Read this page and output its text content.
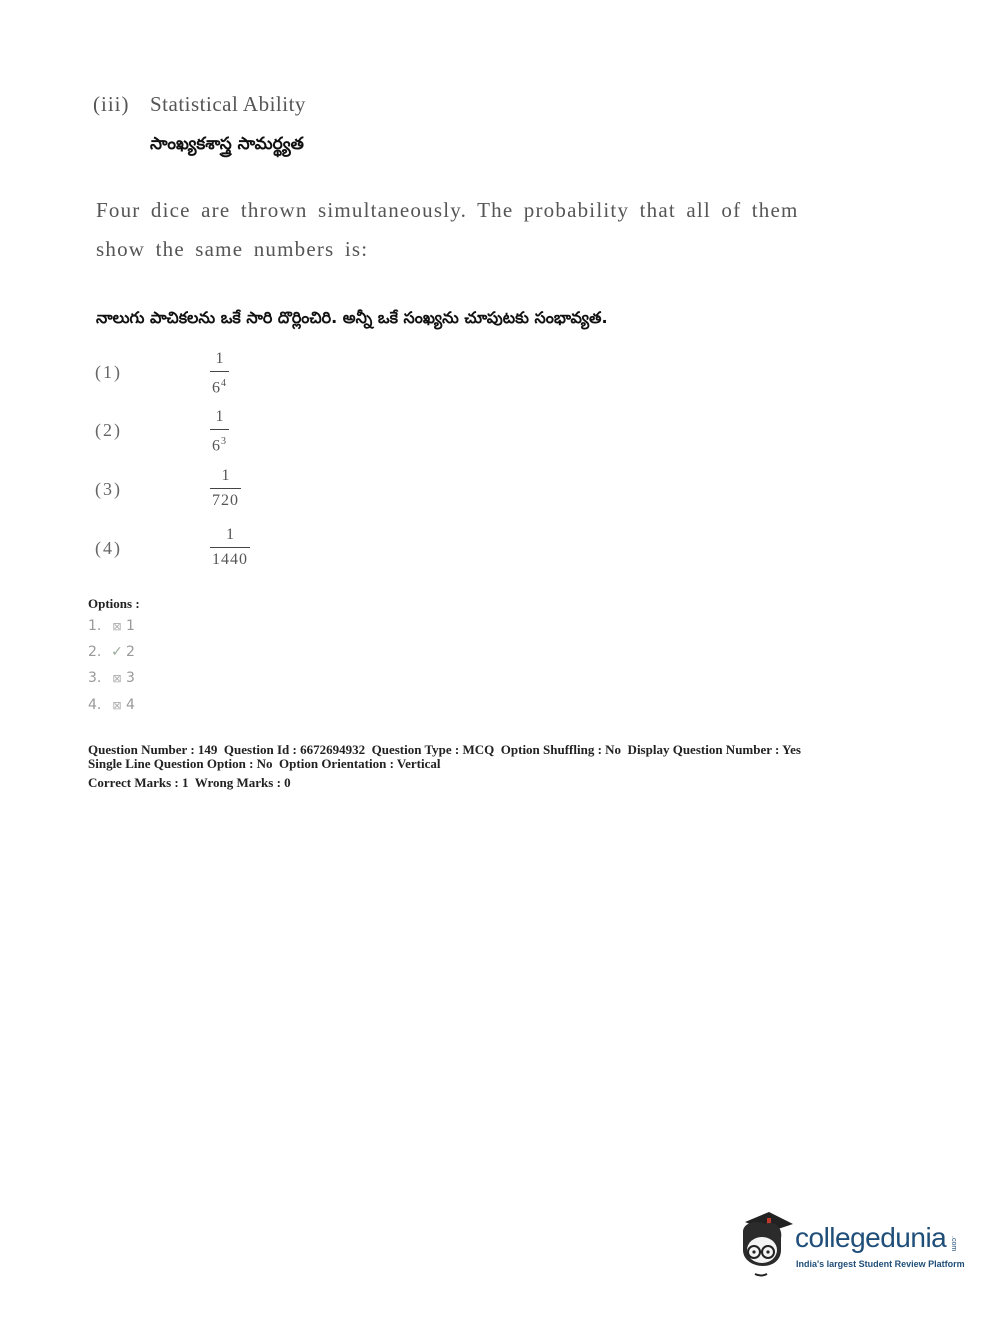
(iii) Statistical Ability
సాంఖ్యకశాస్త్ర సామర్థ్యత
Four dice are thrown simultaneously. The probability that all of them
show the same numbers is:
నాలుగు పాచికలను ఒకే సారి దొర్లించిరి. అన్నీ ఒకే సంఖ్యను చూపుటకు సంభావ్యత.
(1)
1
$6^4$
(2)
1
$6^3$
(3)
1
720
(4)
1
1440
Options :
1.	⊠ 1
2. ✓ 2
3.	⊠ 3
4.	⊠ 4
Question Number : 149  Question Id : 6672694932  Question Type : MCQ  Option Shuffling : No  Display Question Number : Yes
Single Line Question Option : No  Option Orientation : Vertical
Correct Marks : 1  Wrong Marks : 0
collegedunia .com
India's largest Student Review Platform
